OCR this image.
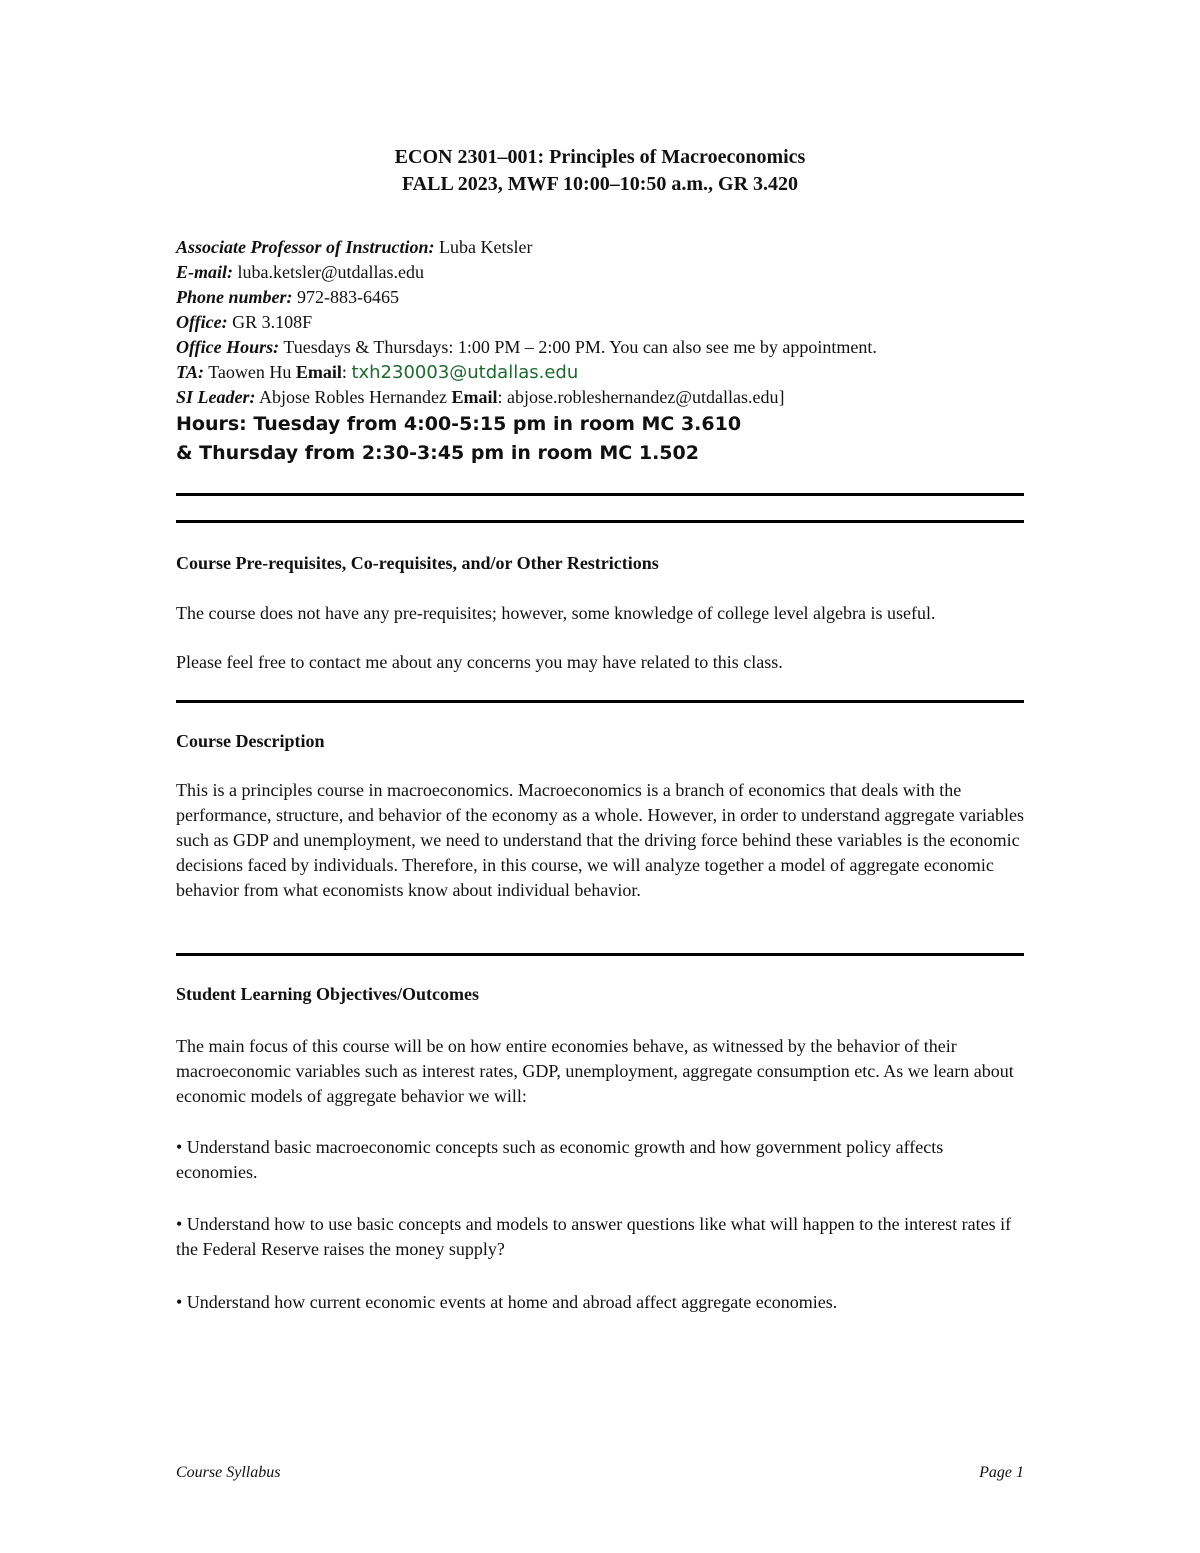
ECON 2301–001: Principles of Macroeconomics
FALL 2023, MWF 10:00–10:50 a.m., GR 3.420
Associate Professor of Instruction: Luba Ketsler
E-mail: luba.ketsler@utdallas.edu
Phone number: 972-883-6465
Office: GR 3.108F
Office Hours: Tuesdays & Thursdays: 1:00 PM – 2:00 PM. You can also see me by appointment.
TA: Taowen Hu Email: txh230003@utdallas.edu
SI Leader: Abjose Robles Hernandez Email: abjose.robleshernandez@utdallas.edu]
Hours: Tuesday from 4:00-5:15 pm in room MC 3.610
& Thursday from 2:30-3:45 pm in room MC 1.502
Course Pre-requisites, Co-requisites, and/or Other Restrictions
The course does not have any pre-requisites; however, some knowledge of college level algebra is useful.
Please feel free to contact me about any concerns you may have related to this class.
Course Description
This is a principles course in macroeconomics. Macroeconomics is a branch of economics that deals with the performance, structure, and behavior of the economy as a whole. However, in order to understand aggregate variables such as GDP and unemployment, we need to understand that the driving force behind these variables is the economic decisions faced by individuals. Therefore, in this course, we will analyze together a model of aggregate economic behavior from what economists know about individual behavior.
Student Learning Objectives/Outcomes
The main focus of this course will be on how entire economies behave, as witnessed by the behavior of their macroeconomic variables such as interest rates, GDP, unemployment, aggregate consumption etc. As we learn about economic models of aggregate behavior we will:
• Understand basic macroeconomic concepts such as economic growth and how government policy affects economies.
• Understand how to use basic concepts and models to answer questions like what will happen to the interest rates if the Federal Reserve raises the money supply?
• Understand how current economic events at home and abroad affect aggregate economies.
Course Syllabus	Page 1
